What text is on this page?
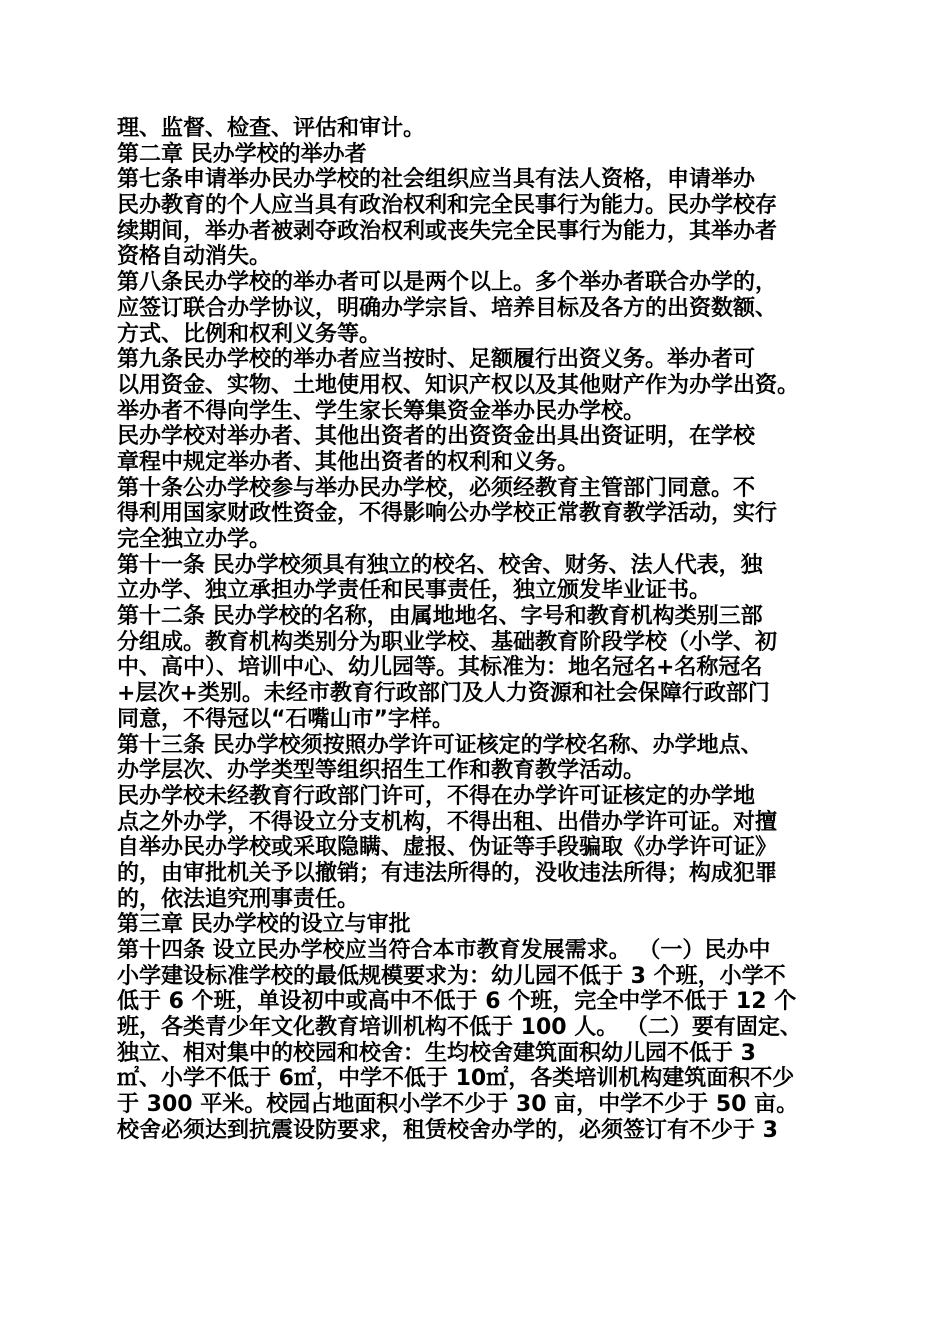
理、监督、检查、评估和审计。
第二章 民办学校的举办者
第七条申请举办民办学校的社会组织应当具有法人资格，申请举办
民办教育的个人应当具有政治权利和完全民事行为能力。民办学校存
续期间，举办者被剥夺政治权利或丧失完全民事行为能力，其举办者
资格自动消失。
第八条民办学校的举办者可以是两个以上。多个举办者联合办学的，
应签订联合办学协议，明确办学宗旨、培养目标及各方的出资数额、
方式、比例和权利义务等。
第九条民办学校的举办者应当按时、足额履行出资义务。举办者可
以用资金、实物、土地使用权、知识产权以及其他财产作为办学出资。
举办者不得向学生、学生家长筹集资金举办民办学校。
民办学校对举办者、其他出资者的出资资金出具出资证明，在学校
章程中规定举办者、其他出资者的权利和义务。
第十条公办学校参与举办民办学校，必须经教育主管部门同意。不
得利用国家财政性资金，不得影响公办学校正常教育教学活动，实行
完全独立办学。
第十一条 民办学校须具有独立的校名、校舍、财务、法人代表，独
立办学、独立承担办学责任和民事责任，独立颁发毕业证书。
第十二条 民办学校的名称，由属地地名、字号和教育机构类别三部
分组成。教育机构类别分为职业学校、基础教育阶段学校（小学、初
中、高中）、培训中心、幼儿园等。其标准为：地名冠名+名称冠名
+层次+类别。未经市教育行政部门及人力资源和社会保障行政部门
同意，不得冠以“石嘴山市”字样。
第十三条 民办学校须按照办学许可证核定的学校名称、办学地点、
办学层次、办学类型等组织招生工作和教育教学活动。
民办学校未经教育行政部门许可，不得在办学许可证核定的办学地
点之外办学，不得设立分支机构，不得出租、出借办学许可证。对擅
自举办民办学校或采取隐瞒、虚报、伪证等手段骗取《办学许可证》
的，由审批机关予以撤销；有违法所得的，没收违法所得；构成犯罪
的，依法追究刑事责任。
第三章 民办学校的设立与审批
第十四条 设立民办学校应当符合本市教育发展需求。 （一）民办中
小学建设标准学校的最低规模要求为：幼儿园不低于 3 个班，小学不
低于 6 个班，单设初中或高中不低于 6 个班，完全中学不低于 12 个
班，各类青少年文化教育培训机构不低于 100 人。 （二）要有固定、
独立、相对集中的校园和校舍：生均校舍建筑面积幼儿园不低于 3
㎡、小学不低于 6㎡，中学不低于 10㎡，各类培训机构建筑面积不少
于 300 平米。校园占地面积小学不少于 30 亩，中学不少于 50 亩。
校舍必须达到抗震设防要求，租赁校舍办学的，必须签订有不少于 3
